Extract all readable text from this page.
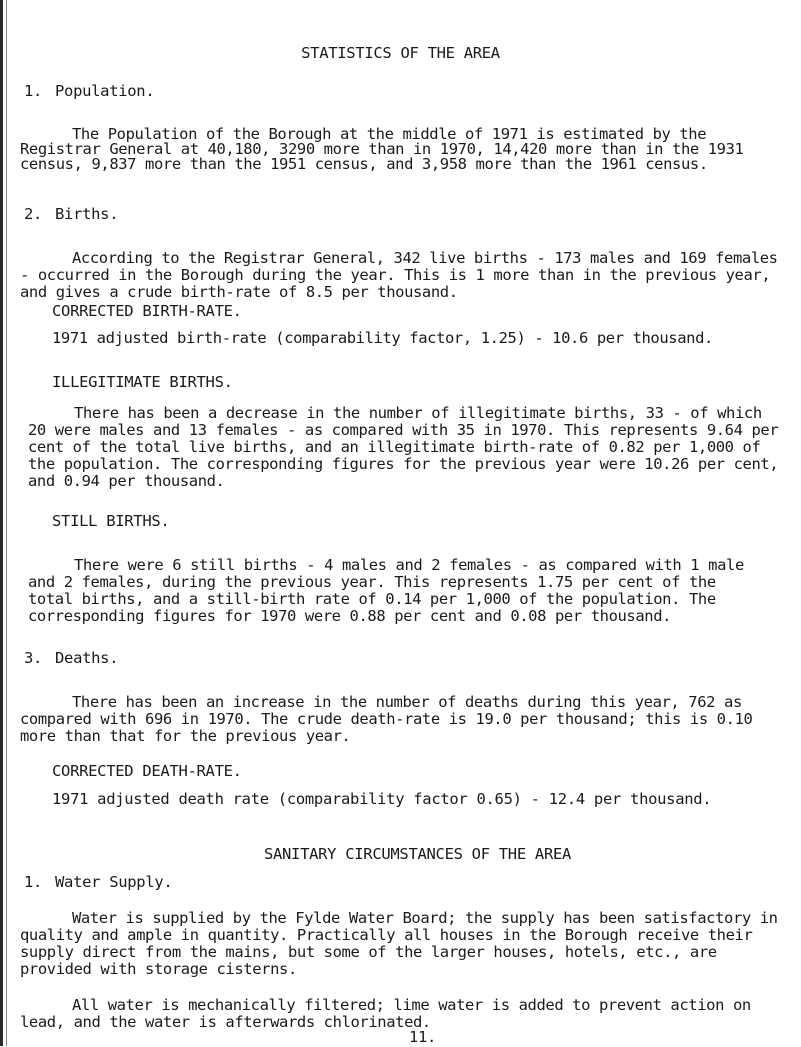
STATISTICS OF THE AREA
1. Population.
The Population of the Borough at the middle of 1971 is estimated by the Registrar General at 40,180, 3290 more than in 1970, 14,420 more than in the 1931 census, 9,837 more than the 1951 census, and 3,958 more than the 1961 census.
2. Births.
According to the Registrar General, 342 live births - 173 males and 169 females - occurred in the Borough during the year. This is 1 more than in the previous year, and gives a crude birth-rate of 8.5 per thousand.
CORRECTED BIRTH-RATE.
1971 adjusted birth-rate (comparability factor, 1.25) - 10.6 per thousand.
ILLEGITIMATE BIRTHS.
There has been a decrease in the number of illegitimate births, 33 - of which 20 were males and 13 females - as compared with 35 in 1970. This represents 9.64 per cent of the total live births, and an illegitimate birth-rate of 0.82 per 1,000 of the population. The corresponding figures for the previous year were 10.26 per cent, and 0.94 per thousand.
STILL BIRTHS.
There were 6 still births - 4 males and 2 females - as compared with 1 male and 2 females, during the previous year. This represents 1.75 per cent of the total births, and a still-birth rate of 0.14 per 1,000 of the population. The corresponding figures for 1970 were 0.88 per cent and 0.08 per thousand.
3. Deaths.
There has been an increase in the number of deaths during this year, 762 as compared with 696 in 1970. The crude death-rate is 19.0 per thousand; this is 0.10 more than that for the previous year.
CORRECTED DEATH-RATE.
1971 adjusted death rate (comparability factor 0.65) - 12.4 per thousand.
SANITARY CIRCUMSTANCES OF THE AREA
1. Water Supply.
Water is supplied by the Fylde Water Board; the supply has been satisfactory in quality and ample in quantity. Practically all houses in the Borough receive their supply direct from the mains, but some of the larger houses, hotels, etc., are provided with storage cisterns.
All water is mechanically filtered; lime water is added to prevent action on lead, and the water is afterwards chlorinated.
11.
